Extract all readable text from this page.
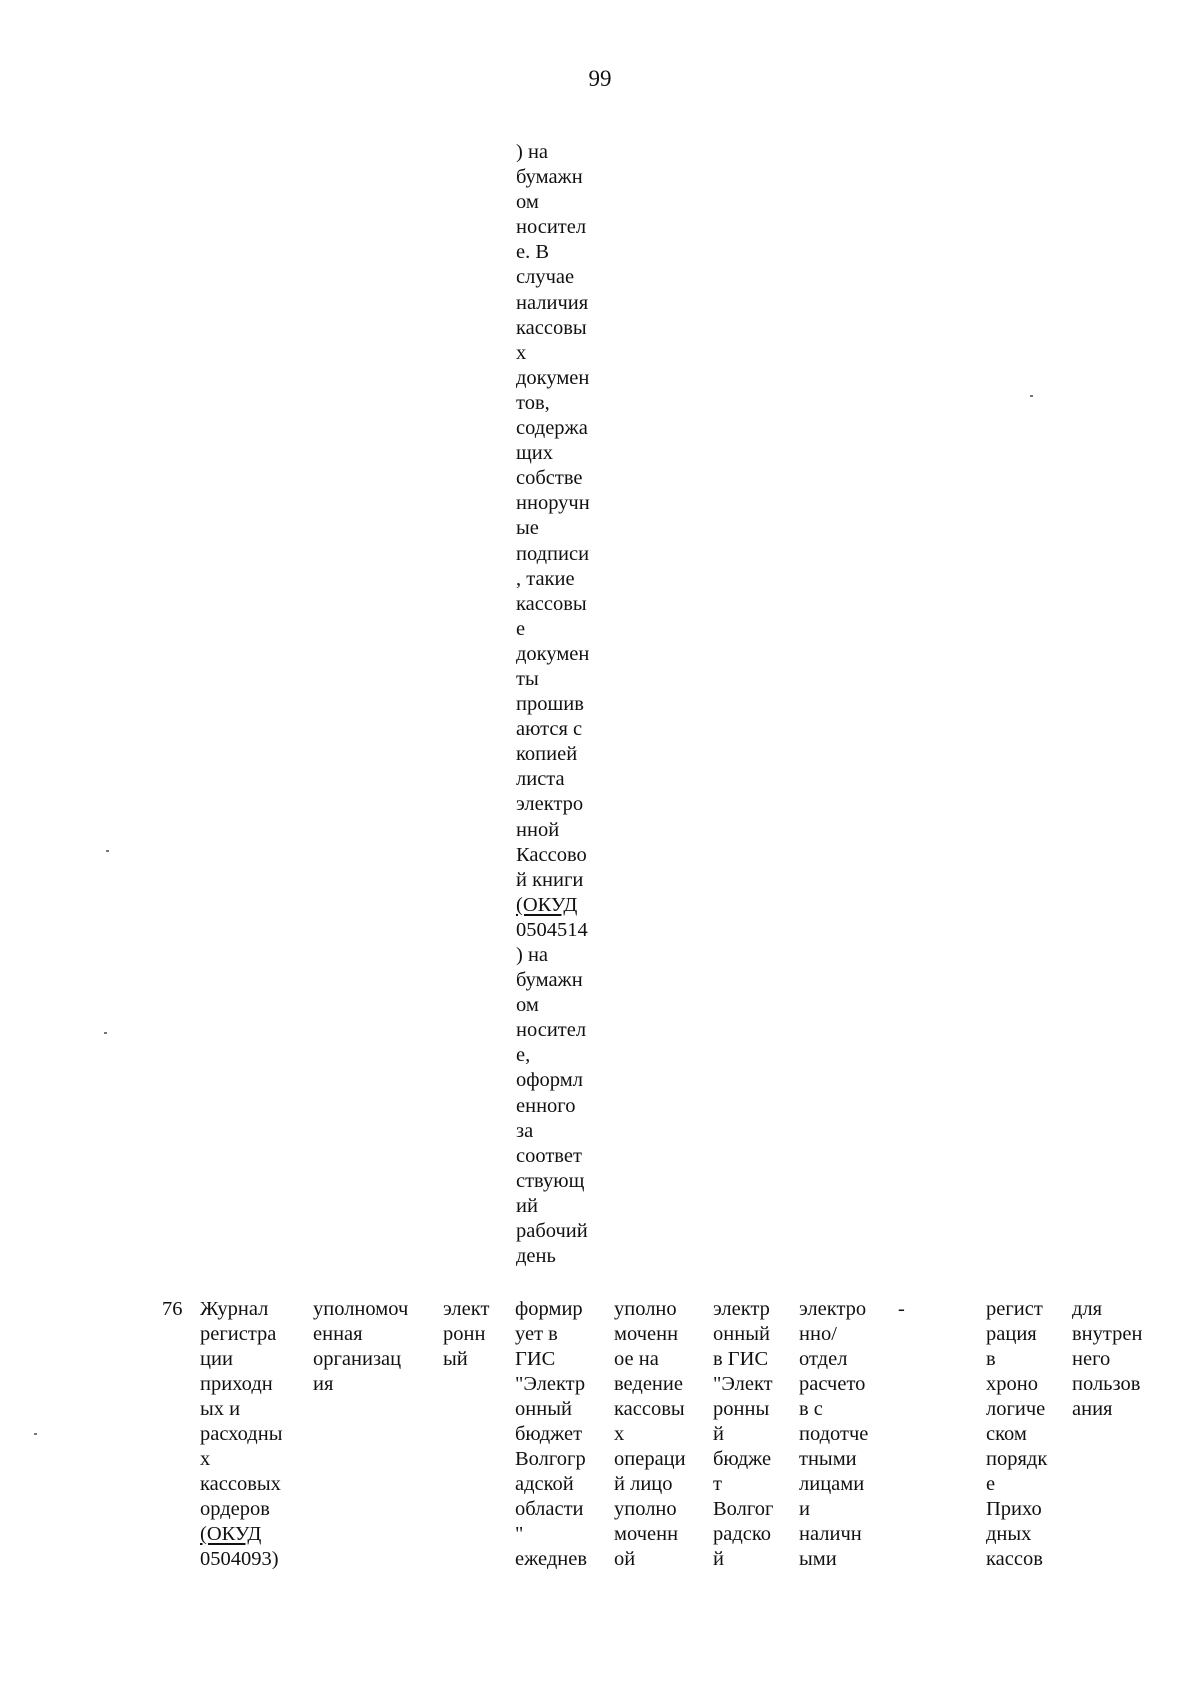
99
) на
бумажн
ом
носител
е. В
случае
наличия
кассовы
х
докумен
тов,
содержа
щих
собстве
нноручн
ые
подписи
, такие
кассовы
е
докумен
ты
прошив
аются с
копией
листа
электро
нной
Кассово
й книги
(ОКУД
0504514
) на
бумажн
ом
носител
е,
оформл
енного
за
соответ
ствующ
ий
рабочий
день
76 Журнал
регистра
ции
приходн
ых и
расходны
х
кассовых
ордеров
(ОКУД
0504093)
уполномоч
енная
организац
ия
элект
ронн
ый
формир
ует в
ГИС
"Электр
онный
бюджет
Волгогр
адской
области
"
ежеднев
уполно
моченн
ое на
ведение
кассовы
х
операци
й лицо
уполно
моченн
ой
электр
онный
в ГИС
"Элект
ронны
й
бюдже
т
Волгог
радско
й
электро
нно/
отдел
расчето
в с
подотче
тными
лицами
и
наличн
ыми
-	регист
рация
в
хроно
логиче
ском
порядк
е
Прихо
дных
кассов
для
внутрен
него
пользов
ания
